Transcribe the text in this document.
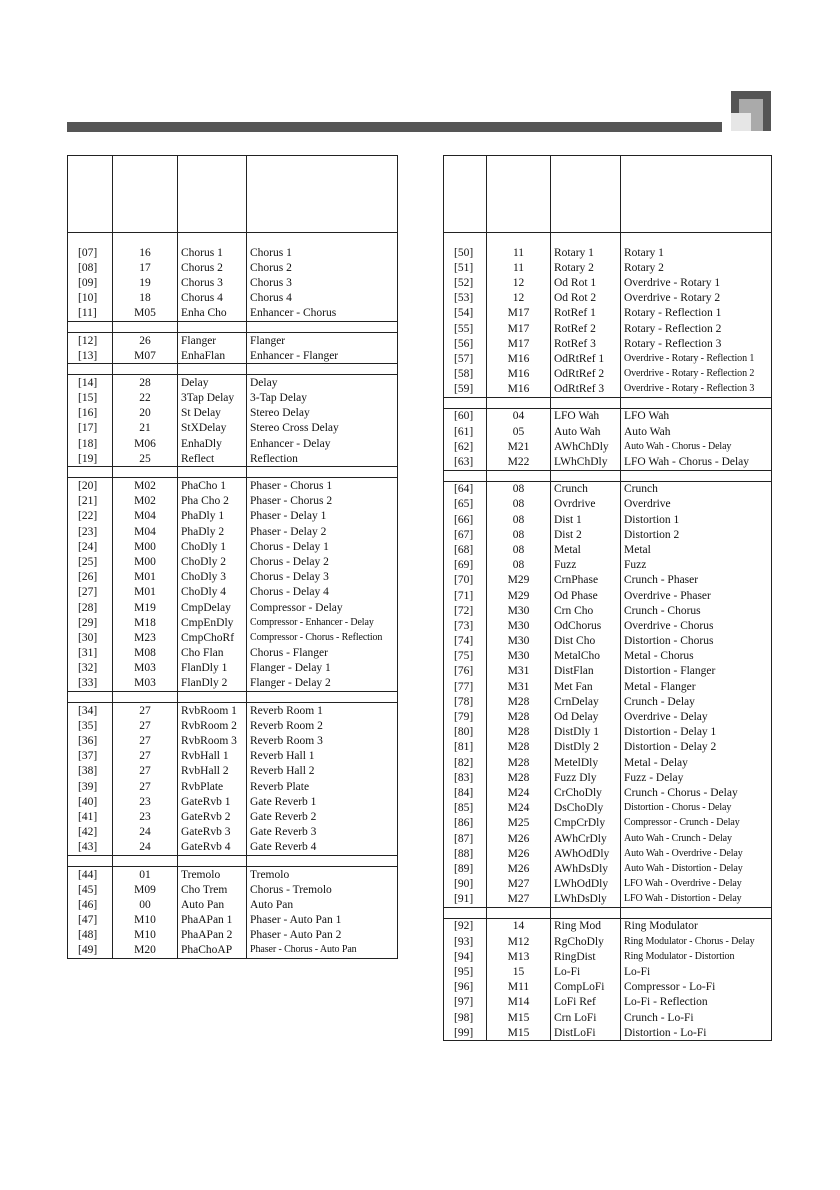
[07]	16	Chorus 1	Chorus 1
[08]	17	Chorus 2	Chorus 2
[09]	19	Chorus 3	Chorus 3
[10]	18	Chorus 4	Chorus 4
[11]	M05	Enha Cho	Enhancer - Chorus

[12]	26	Flanger	Flanger
[13]	M07	EnhaFlan	Enhancer - Flanger

[14]	28	Delay	Delay
[15]	22	3Tap Delay	3-Tap Delay
[16]	20	St Delay	Stereo Delay
[17]	21	StXDelay	Stereo Cross Delay
[18]	M06	EnhaDly	Enhancer - Delay
[19]	25	Reflect	Reflection

[20]	M02	PhaCho 1	Phaser - Chorus 1
[21]	M02	Pha Cho 2	Phaser - Chorus 2
[22]	M04	PhaDly 1	Phaser - Delay 1
[23]	M04	PhaDly 2	Phaser - Delay 2
[24]	M00	ChoDly 1	Chorus - Delay 1
[25]	M00	ChoDly 2	Chorus - Delay 2
[26]	M01	ChoDly 3	Chorus - Delay 3
[27]	M01	ChoDly 4	Chorus - Delay 4
[28]	M19	CmpDelay	Compressor - Delay
[29]	M18	CmpEnDly	Compressor - Enhancer - Delay
[30]	M23	CmpChoRf	Compressor - Chorus - Reflection
[31]	M08	Cho Flan	Chorus - Flanger
[32]	M03	FlanDly 1	Flanger - Delay 1
[33]	M03	FlanDly 2	Flanger - Delay 2

[34]	27	RvbRoom 1	Reverb Room 1
[35]	27	RvbRoom 2	Reverb Room 2
[36]	27	RvbRoom 3	Reverb Room 3
[37]	27	RvbHall 1	Reverb Hall 1
[38]	27	RvbHall 2	Reverb Hall 2
[39]	27	RvbPlate	Reverb Plate
[40]	23	GateRvb 1	Gate Reverb 1
[41]	23	GateRvb 2	Gate Reverb 2
[42]	24	GateRvb 3	Gate Reverb 3
[43]	24	GateRvb 4	Gate Reverb 4

[44]	01	Tremolo	Tremolo
[45]	M09	Cho Trem	Chorus - Tremolo
[46]	00	Auto Pan	Auto Pan
[47]	M10	PhaAPan 1	Phaser - Auto Pan 1
[48]	M10	PhaAPan 2	Phaser - Auto Pan 2
[49]	M20	PhaChoAP	Phaser - Chorus - Auto Pan

[50]	11	Rotary 1	Rotary 1
[51]	11	Rotary 2	Rotary 2
[52]	12	Od Rot 1	Overdrive - Rotary 1
[53]	12	Od Rot 2	Overdrive - Rotary 2
[54]	M17	RotRef 1	Rotary - Reflection 1
[55]	M17	RotRef 2	Rotary - Reflection 2
[56]	M17	RotRef 3	Rotary - Reflection 3
[57]	M16	OdRtRef 1	Overdrive - Rotary - Reflection 1
[58]	M16	OdRtRef 2	Overdrive - Rotary - Reflection 2
[59]	M16	OdRtRef 3	Overdrive - Rotary - Reflection 3

[60]	04	LFO Wah	LFO Wah
[61]	05	Auto Wah	Auto Wah
[62]	M21	AWhChDly	Auto Wah - Chorus - Delay
[63]	M22	LWhChDly	LFO Wah - Chorus - Delay

[64]	08	Crunch	Crunch
[65]	08	Ovrdrive	Overdrive
[66]	08	Dist 1	Distortion 1
[67]	08	Dist 2	Distortion 2
[68]	08	Metal	Metal
[69]	08	Fuzz	Fuzz
[70]	M29	CrnPhase	Crunch - Phaser
[71]	M29	Od Phase	Overdrive - Phaser
[72]	M30	Crn Cho	Crunch - Chorus
[73]	M30	OdChorus	Overdrive - Chorus
[74]	M30	Dist Cho	Distortion - Chorus
[75]	M30	MetalCho	Metal - Chorus
[76]	M31	DistFlan	Distortion - Flanger
[77]	M31	Met Fan	Metal - Flanger
[78]	M28	CrnDelay	Crunch - Delay
[79]	M28	Od Delay	Overdrive - Delay
[80]	M28	DistDly 1	Distortion - Delay 1
[81]	M28	DistDly 2	Distortion - Delay 2
[82]	M28	MetelDly	Metal - Delay
[83]	M28	Fuzz Dly	Fuzz - Delay
[84]	M24	CrChoDly	Crunch - Chorus - Delay
[85]	M24	DsChoDly	Distortion - Chorus - Delay
[86]	M25	CmpCrDly	Compressor - Crunch - Delay
[87]	M26	AWhCrDly	Auto Wah - Crunch - Delay
[88]	M26	AWhOdDly	Auto Wah - Overdrive - Delay
[89]	M26	AWhDsDly	Auto Wah - Distortion - Delay
[90]	M27	LWhOdDly	LFO Wah - Overdrive - Delay
[91]	M27	LWhDsDly	LFO Wah - Distortion - Delay

[92]	14	Ring Mod	Ring Modulator
[93]	M12	RgChoDly	Ring Modulator - Chorus - Delay
[94]	M13	RingDist	Ring Modulator - Distortion
[95]	15	Lo-Fi	Lo-Fi
[96]	M11	CompLoFi	Compressor - Lo-Fi
[97]	M14	LoFi Ref	Lo-Fi - Reflection
[98]	M15	Crn LoFi	Crunch - Lo-Fi
[99]	M15	DistLoFi	Distortion - Lo-Fi
